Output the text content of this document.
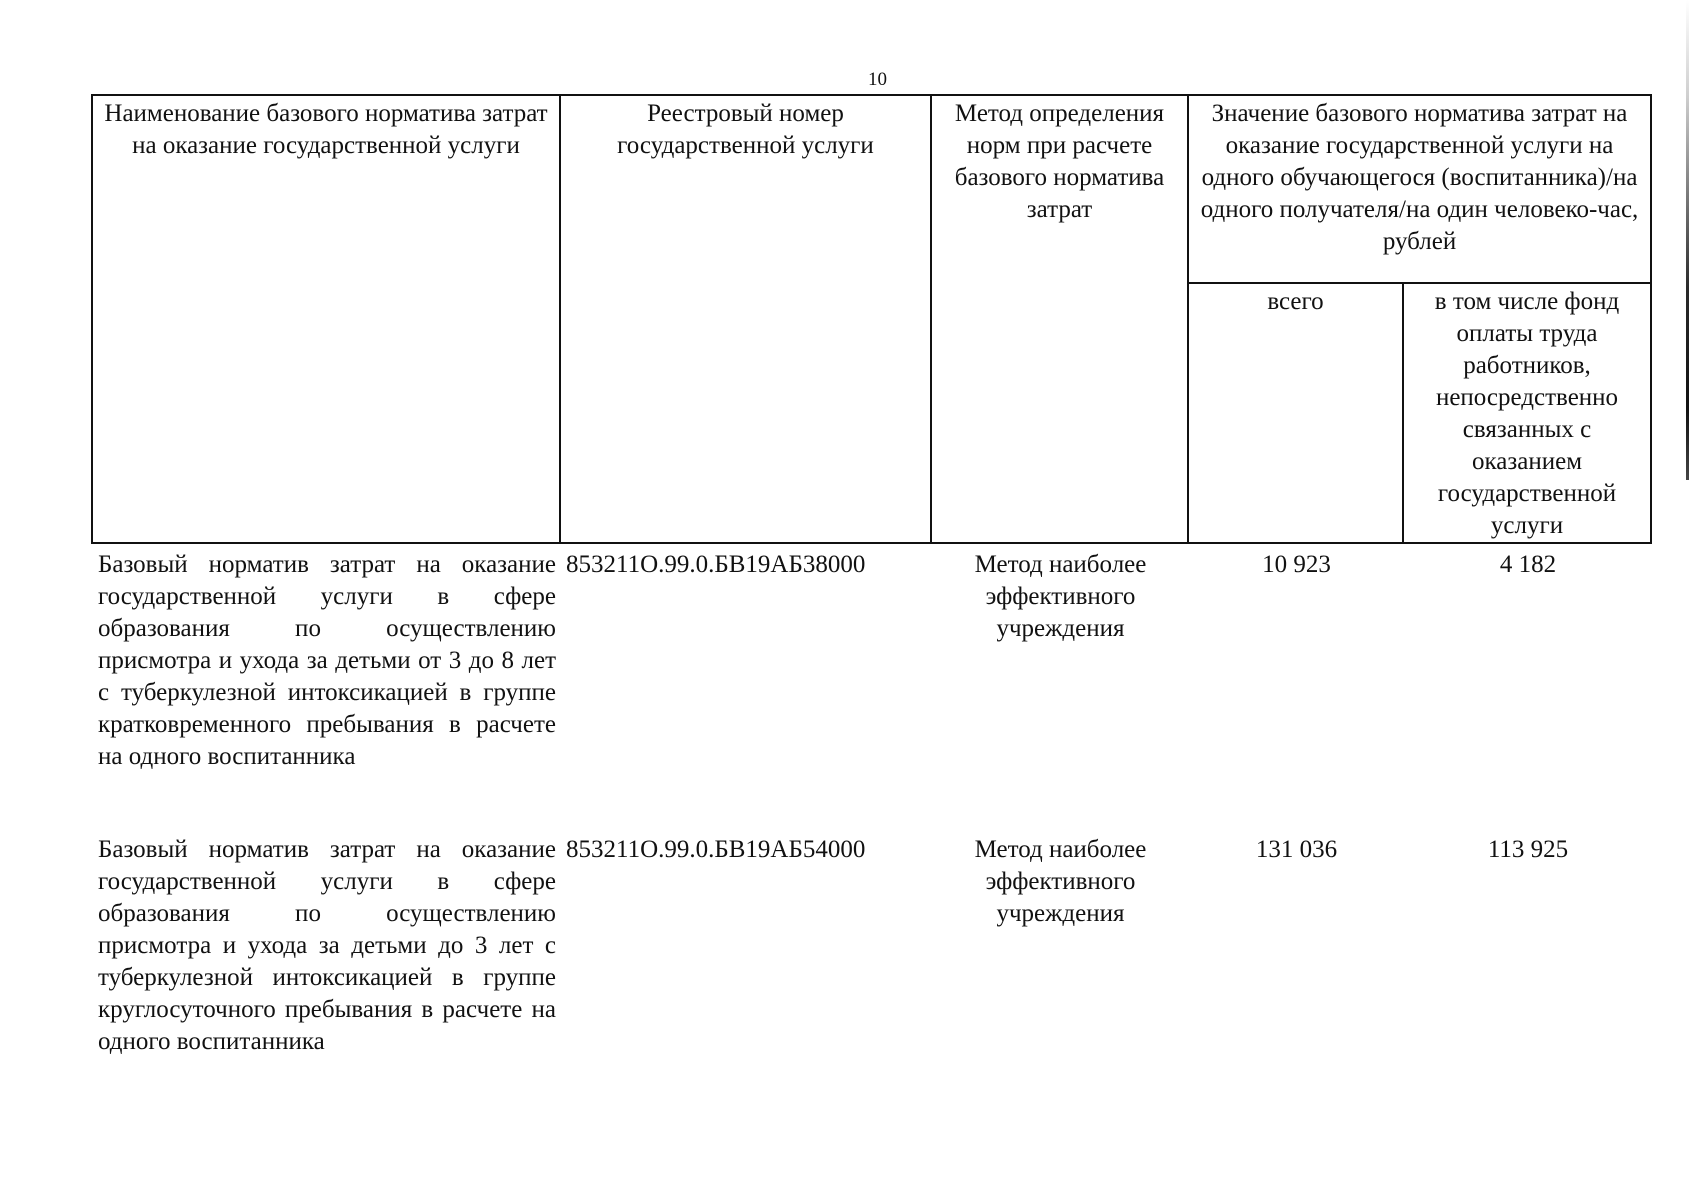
10
Наименование базового норматива затрат на оказание государственной услуги	Реестровый номер государственной услуги	Метод определения норм при расчете базового норматива затрат	Значение базового норматива затрат на оказание государственной услуги на одного обучающегося (воспитанника)/на одного получателя/на один человеко-час, рублей	
			всего	в том числе фонд оплаты труда работников, непосредственно связанных с оказанием государственной услуги
Базовый норматив затрат на оказание государственной услуги в сфере образования по осуществлению присмотра и ухода за детьми от 3 до 8 лет с туберкулезной интоксикацией в группе кратковременного пребывания в расчете на одного воспитанника	853211О.99.0.БВ19АБ38000	Метод наиболее эффективного учреждения	10 923	4 182
Базовый норматив затрат на оказание государственной услуги в сфере образования по осуществлению присмотра и ухода за детьми до 3 лет с туберкулезной интоксикацией в группе круглосуточного пребывания в расчете на одного воспитанника	853211О.99.0.БВ19АБ54000	Метод наиболее эффективного учреждения	131 036	113 925
